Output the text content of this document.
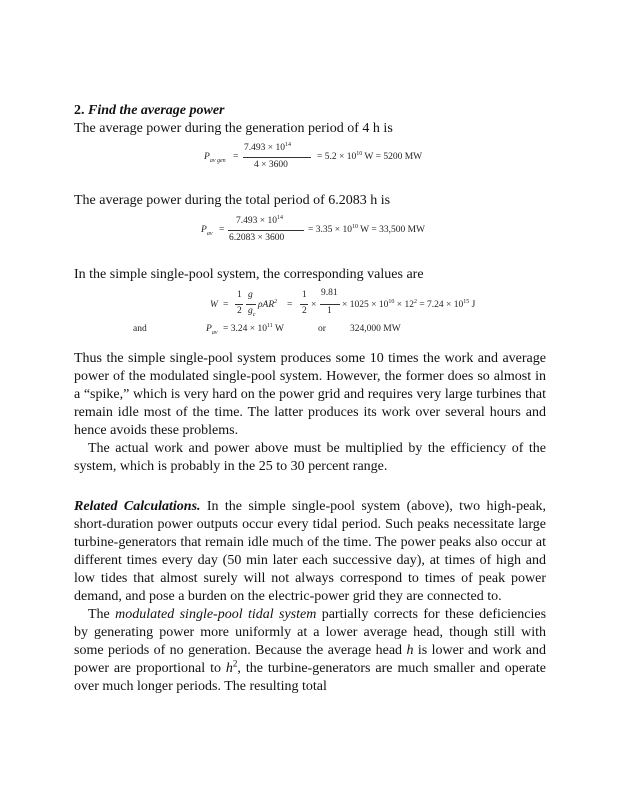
2. Find the average power

The average power during the generation period of 4 h is

$P_{av gen}$ =
$7.493 \times 10^{14}$
4 × 3600
= $5.2 \times 10^{10}$ W = 5200 MW

The average power during the total period of 6.2083 h is

$P_{av}$ =
$7.493 \times 10^{14}$
6.2083 × 3600
= $3.35 \times 10^{10}$ W = 33,500 MW

In the simple single-pool system, the corresponding values are

W =
1
2
g
$g_c$
ρAR$^2$ =
1
2
×
9.81
1
× $1025 \times 10^{10} \times 12^2 = 7.24 \times 10^{15}$ J
and	$P_{av} = 3.24 \times 10^{11}$ W	or	324,000 MW

Thus the simple single-pool system produces some 10 times the work and average power of the modulated single-pool system. However, the former does so almost in a “spike,” which is very hard on the power grid and requires very large turbines that remain idle most of the time. The latter produces its work over several hours and hence avoids these problems.

The actual work and power above must be multiplied by the efficiency of the system, which is probably in the 25 to 30 percent range.

Related Calculations. In the simple single-pool system (above), two high-peak, short-duration power outputs occur every tidal period. Such peaks necessitate large turbine-generators that remain idle much of the time. The power peaks also occur at different times every day (50 min later each successive day), at times of high and low tides that almost surely will not always correspond to times of peak power demand, and pose a burden on the electric-power grid they are connected to.

The modulated single-pool tidal system partially corrects for these deficiencies by generating power more uniformly at a lower average head, though still with some periods of no generation. Because the average head h is lower and work and power are proportional to $h^2$, the turbine-generators are much smaller and operate over much longer periods. The resulting total
